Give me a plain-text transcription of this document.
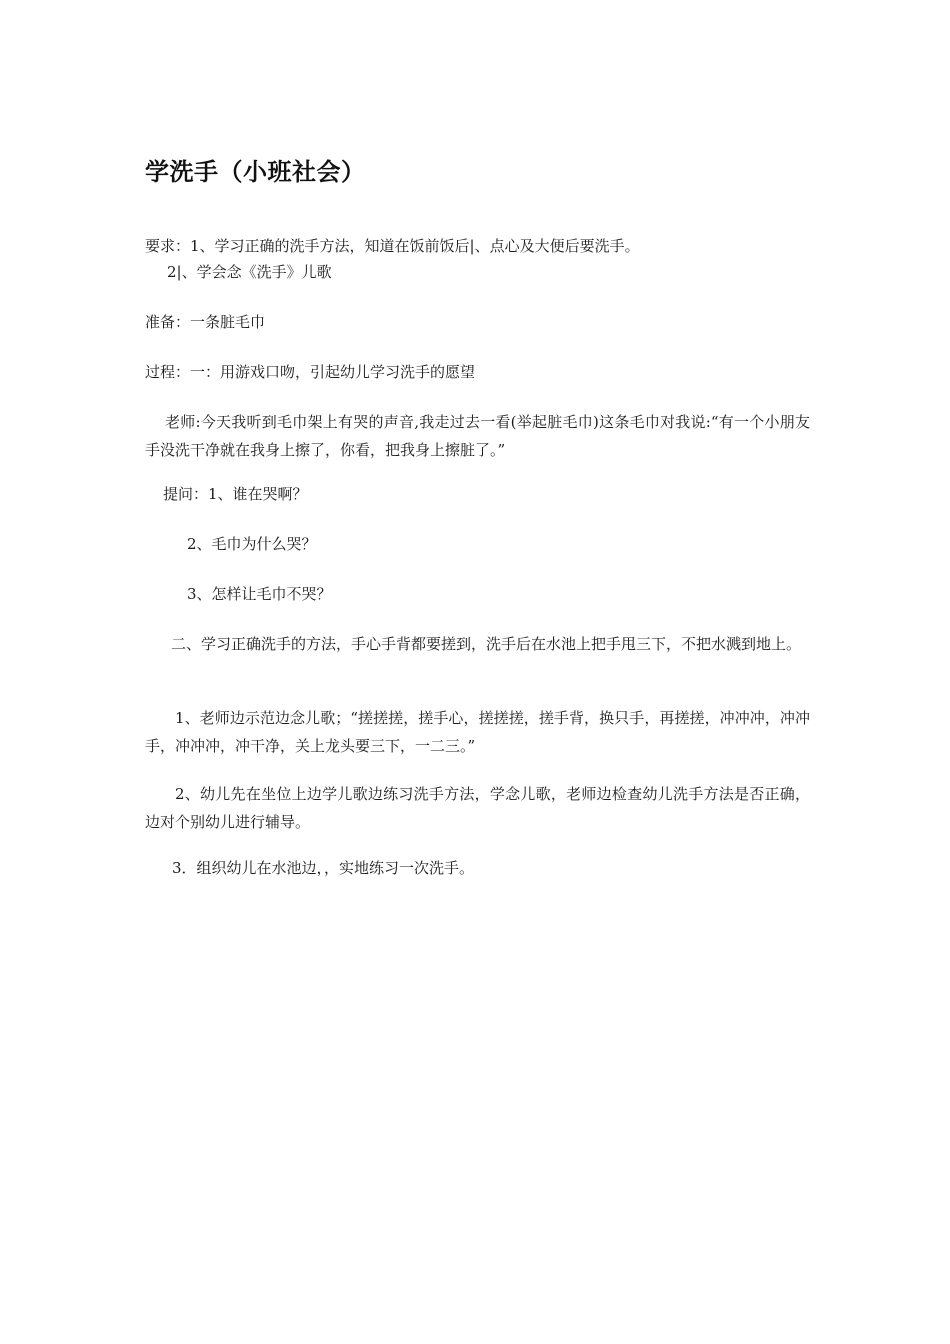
学洗手（小班社会）
要求：1、学习正确的洗手方法，知道在饭前饭后|、点心及大便后要洗手。
2|、学会念《洗手》儿歌
准备：一条脏毛巾
过程：一：用游戏口吻，引起幼儿学习洗手的愿望
老师:今天我听到毛巾架上有哭的声音,我走过去一看(举起脏毛巾)这条毛巾对我说:“有一个小朋友手没洗干净就在我身上擦了，你看，把我身上擦脏了。”
提问：1、谁在哭啊？
2、毛巾为什么哭？
3、怎样让毛巾不哭？
二、学习正确洗手的方法，手心手背都要搓到，洗手后在水池上把手甩三下，不把水溅到地上。
1、老师边示范边念儿歌；“搓搓搓，搓手心，搓搓搓，搓手背，换只手，再搓搓，冲冲冲，冲冲手，冲冲冲，冲干净，关上龙头要三下，一二三。”
2、幼儿先在坐位上边学儿歌边练习洗手方法，学念儿歌，老师边检查幼儿洗手方法是否正确，边对个别幼儿进行辅导。
3．组织幼儿在水池边，，实地练习一次洗手。
